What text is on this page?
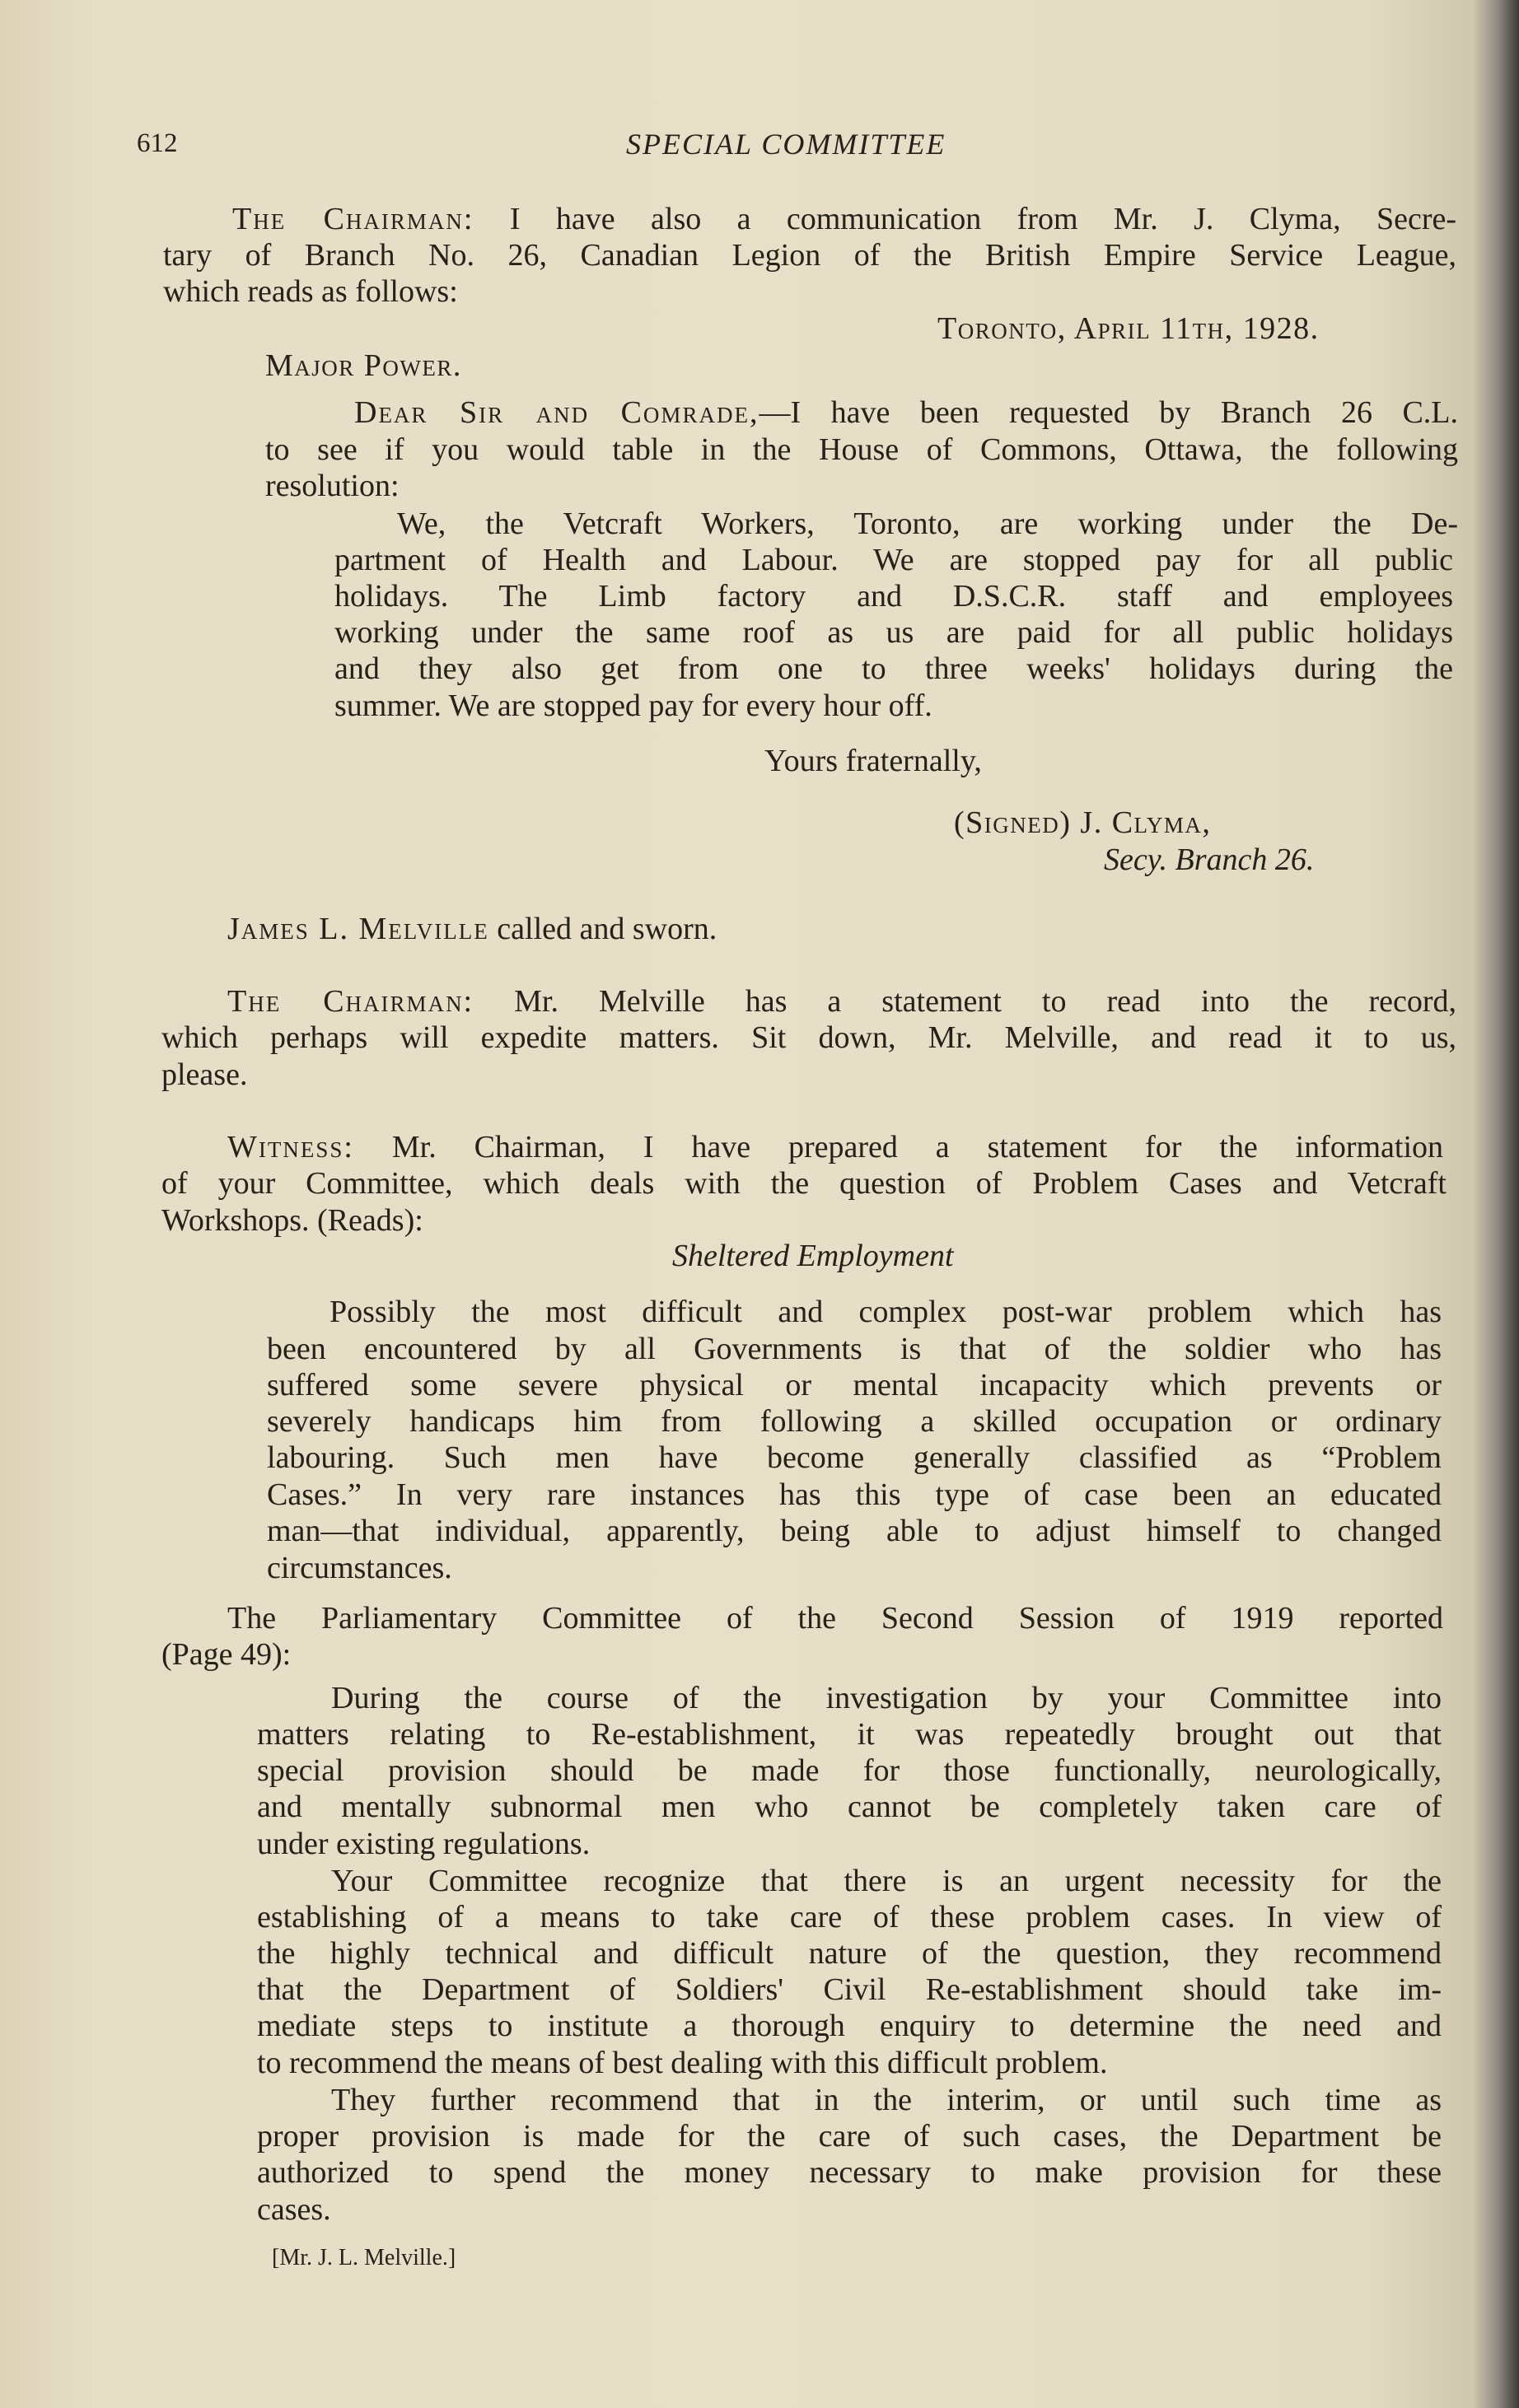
612	SPECIAL COMMITTEE
The Chairman: I have also a communication from Mr. J. Clyma, Secre-
tary of Branch No. 26, Canadian Legion of the British Empire Service League,
which reads as follows:
Toronto, April 11th, 1928.
Major Power.
Dear Sir and Comrade,—I have been requested by Branch 26 C.L.
to see if you would table in the House of Commons, Ottawa, the following
resolution:
We, the Vetcraft Workers, Toronto, are working under the De-
partment of Health and Labour. We are stopped pay for all public
holidays. The Limb factory and D.S.C.R. staff and employees
working under the same roof as us are paid for all public holidays
and they also get from one to three weeks' holidays during the
summer. We are stopped pay for every hour off.
Yours fraternally,
(Signed) J. Clyma,
Secy. Branch 26.
James L. Melville called and sworn.
The Chairman: Mr. Melville has a statement to read into the record,
which perhaps will expedite matters. Sit down, Mr. Melville, and read it to us,
please.
Witness: Mr. Chairman, I have prepared a statement for the information
of your Committee, which deals with the question of Problem Cases and Vetcraft
Workshops. (Reads):
Sheltered Employment
Possibly the most difficult and complex post-war problem which has
been encountered by all Governments is that of the soldier who has
suffered some severe physical or mental incapacity which prevents or
severely handicaps him from following a skilled occupation or ordinary
labouring. Such men have become generally classified as “Problem
Cases.” In very rare instances has this type of case been an educated
man—that individual, apparently, being able to adjust himself to changed
circumstances.
The Parliamentary Committee of the Second Session of 1919 reported
(Page 49):
During the course of the investigation by your Committee into
matters relating to Re-establishment, it was repeatedly brought out that
special provision should be made for those functionally, neurologically,
and mentally subnormal men who cannot be completely taken care of
under existing regulations.
Your Committee recognize that there is an urgent necessity for the
establishing of a means to take care of these problem cases. In view of
the highly technical and difficult nature of the question, they recommend
that the Department of Soldiers' Civil Re-establishment should take im-
mediate steps to institute a thorough enquiry to determine the need and
to recommend the means of best dealing with this difficult problem.
They further recommend that in the interim, or until such time as
proper provision is made for the care of such cases, the Department be
authorized to spend the money necessary to make provision for these
cases.
[Mr. J. L. Melville.]
